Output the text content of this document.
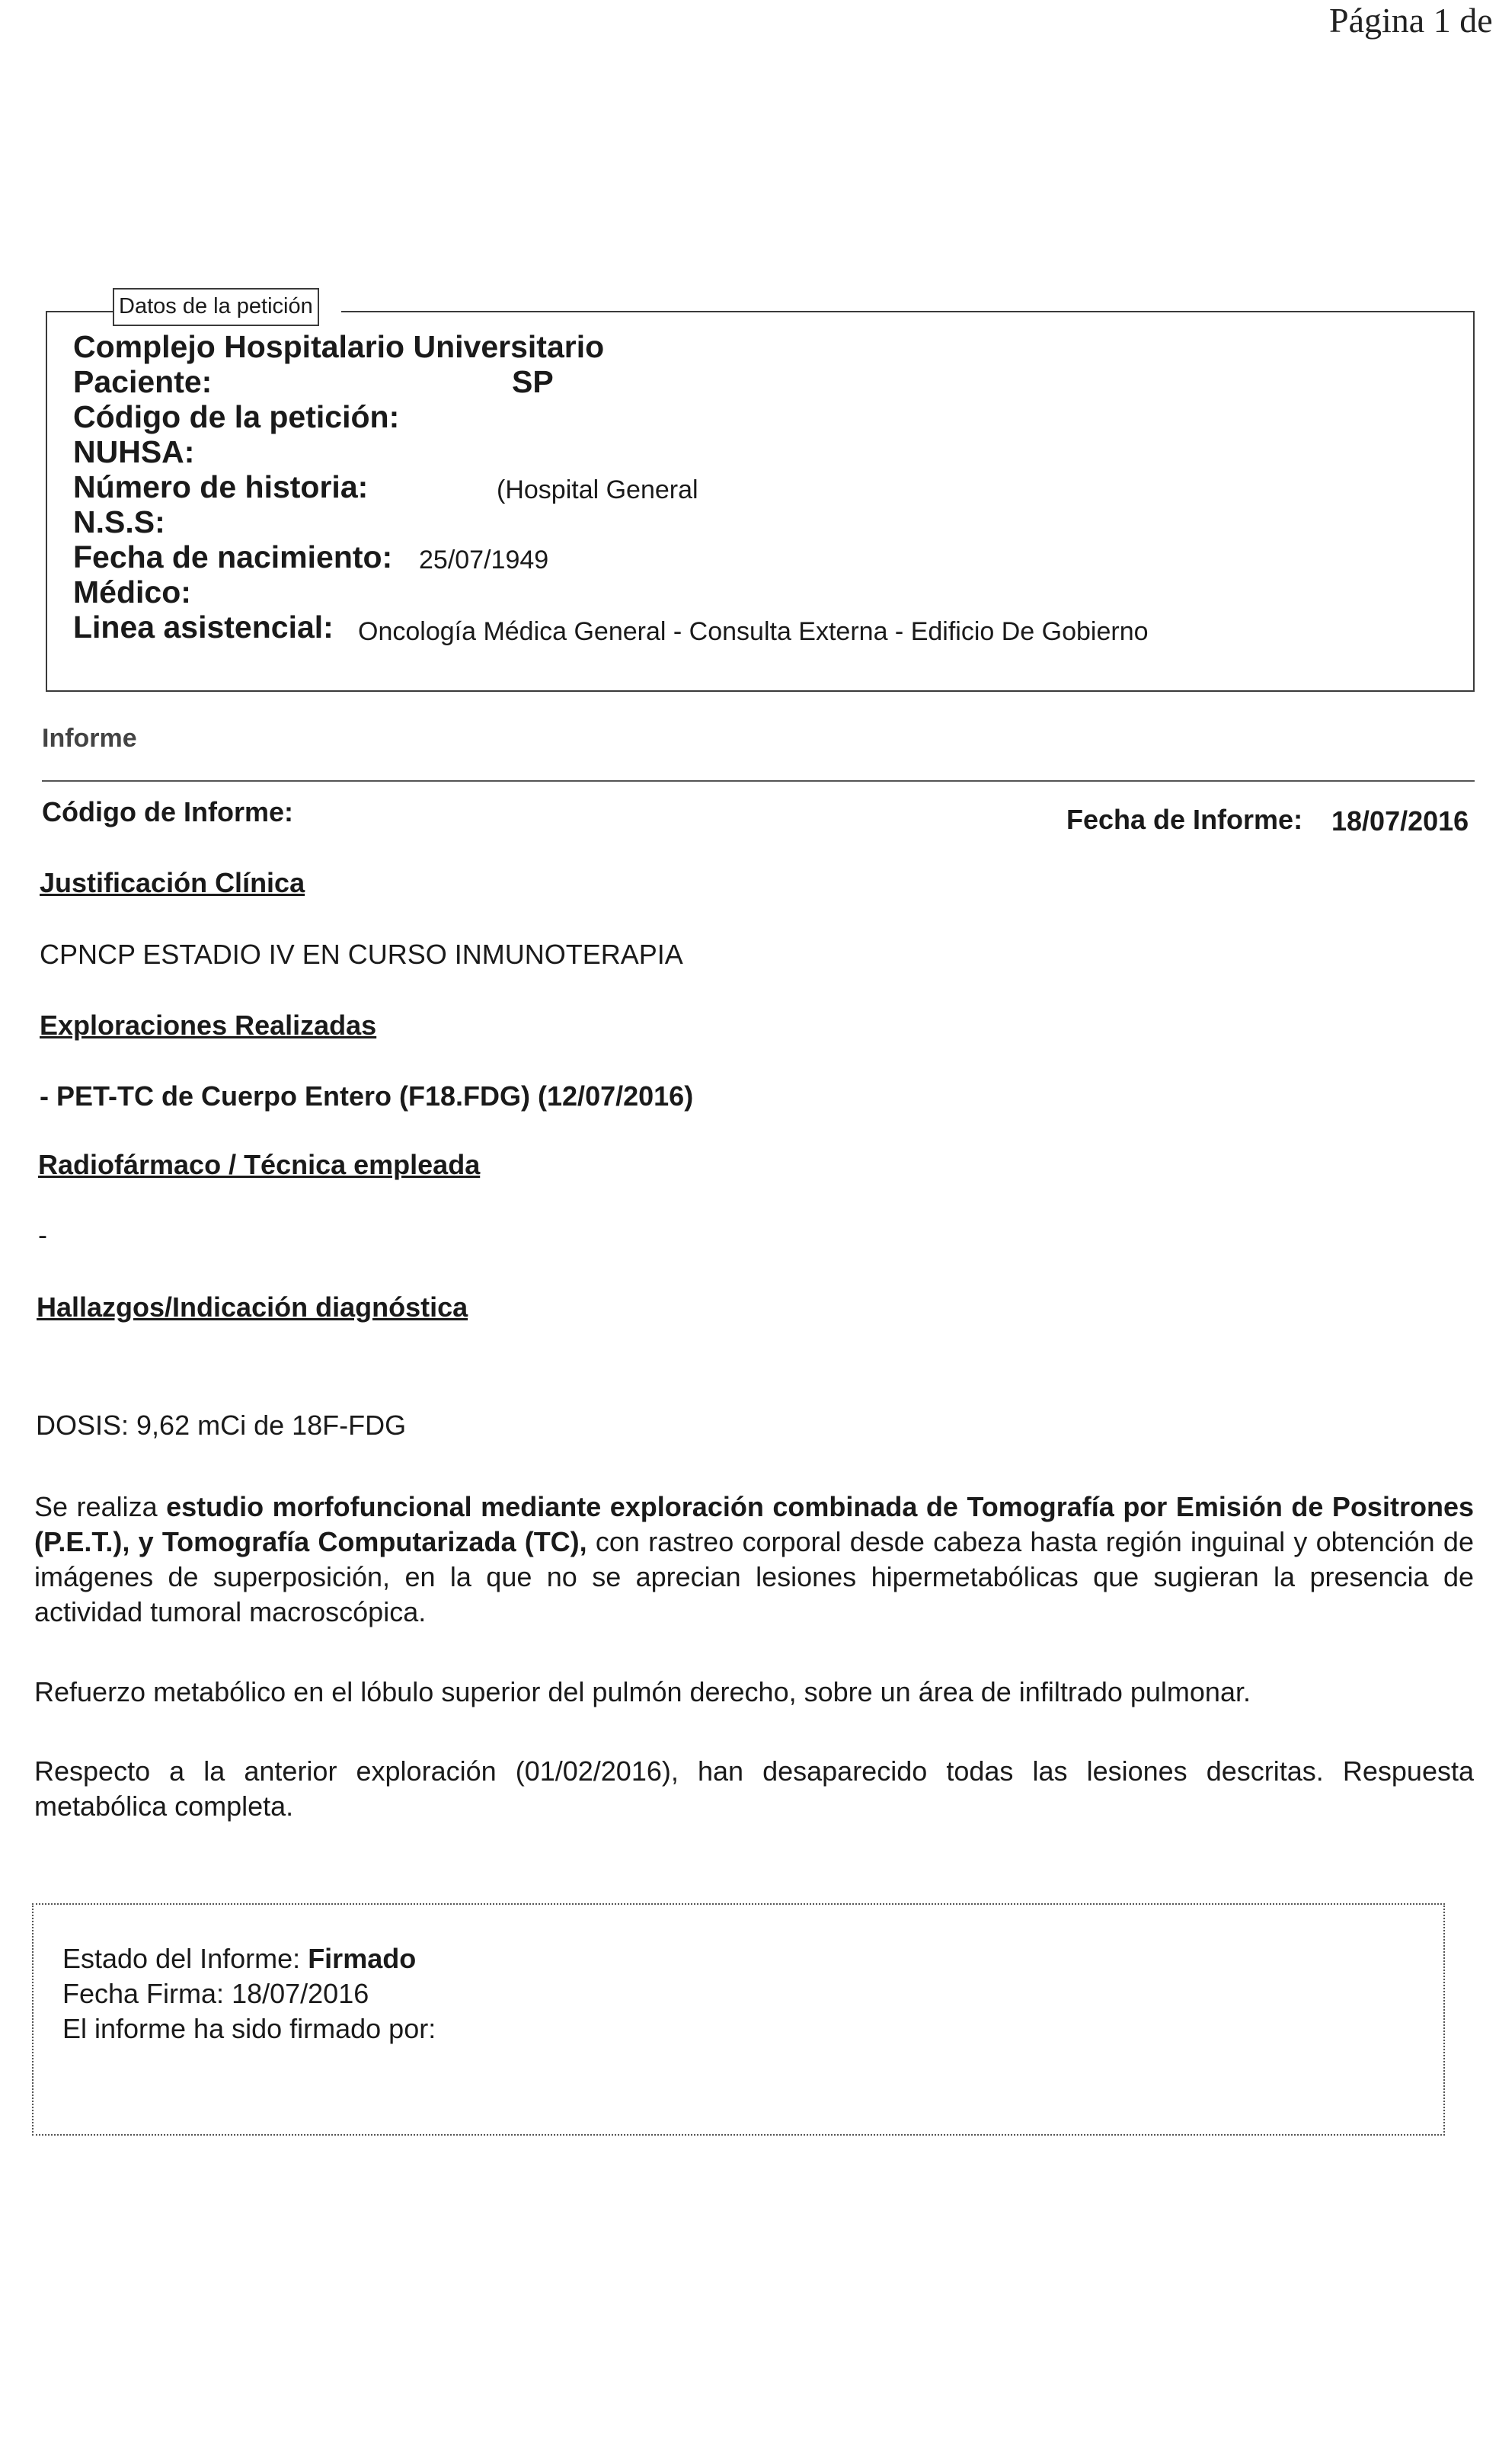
Página 1 de
Datos de la petición
Complejo Hospitalario Universitario
Paciente:	SP
Código de la petición:
NUHSA:
Número de historia:	(Hospital General
N.S.S:
Fecha de nacimiento: 25/07/1949
Médico:
Linea asistencial: Oncología Médica General - Consulta Externa - Edificio De Gobierno
Informe
Código de Informe:	Fecha de Informe: 18/07/2016
Justificación Clínica
CPNCP ESTADIO IV EN CURSO INMUNOTERAPIA
Exploraciones Realizadas
- PET-TC de Cuerpo Entero (F18.FDG) (12/07/2016)
Radiofármaco / Técnica empleada
-
Hallazgos/Indicación diagnóstica
DOSIS: 9,62 mCi de 18F-FDG
Se realiza estudio morfofuncional mediante exploración combinada de Tomografía por Emisión de Positrones (P.E.T.), y Tomografía Computarizada (TC), con rastreo corporal desde cabeza hasta región inguinal y obtención de imágenes de superposición, en la que no se aprecian lesiones hipermetabólicas que sugieran la presencia de actividad tumoral macroscópica.
Refuerzo metabólico en el lóbulo superior del pulmón derecho, sobre un área de infiltrado pulmonar.
Respecto a la anterior exploración (01/02/2016), han desaparecido todas las lesiones descritas. Respuesta metabólica completa.
Estado del Informe: Firmado
Fecha Firma: 18/07/2016
El informe ha sido firmado por:
